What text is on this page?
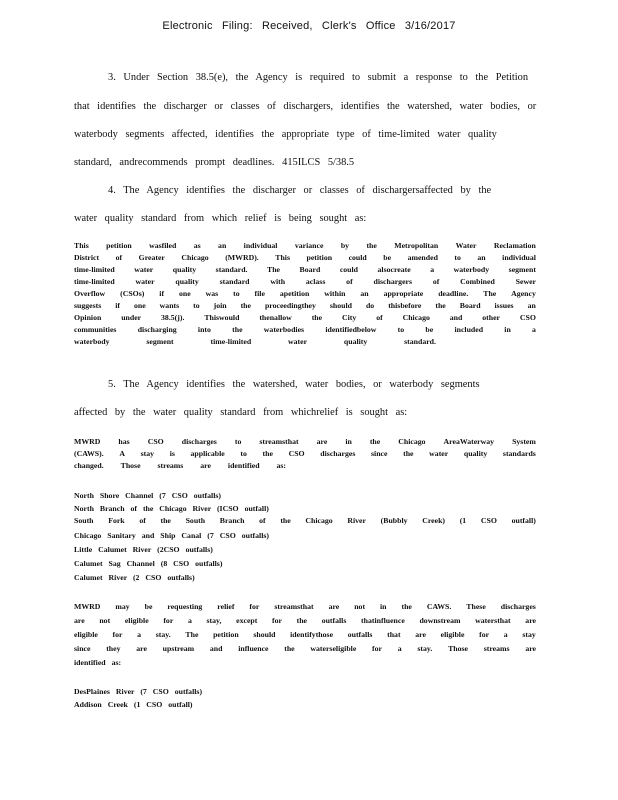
Electronic Filing: Received, Clerk's Office 3/16/2017
3. Under Section 38.5(e), the Agency is required to submit a response to the Petition
that identifies the discharger or classes of dischargers, identifies the watershed, water bodies, or
waterbody segments affected, identifies the appropriate type of time-limited water quality
standard, andrecommends prompt deadlines. 415ILCS 5/38.5
4. The Agency identifies the discharger or classes of dischargersaffected by the
water quality standard from which relief is being sought as:
This petition wasfiled as an individual variance by the Metropolitan Water Reclamation
District of Greater Chicago (MWRD). This petition could be amended to an individual
time-limited	water	quality	standard.	The	Board	could	alsocreate	a	waterbody	segment
time-limited	water	quality	standard	with	aclass	of	dischargers	of	Combined	Sewer
Overflow (CSOs) if one was to file apetition within an appropriate deadline. The Agency
suggests if one wants to join the proceedingthey should do thisbefore the Board issues an
Opinion	under	38.5(j).	Thiswould	thenallow	the	City	of	Chicago	and	other	CSO
communities	discharging	into	the	waterbodies	identifiedbelow	to	be	included	in	a
waterbody	segment	time-limited	water	quality	standard.
5. The Agency identifies the watershed, water bodies, or waterbody segments
affected by the water quality standard from whichrelief is sought as:
MWRD has CSO discharges to streamsthat are in the Chicago AreaWaterway System
(CAWS). A stay is applicable to the CSO discharges since the water quality standards
changed. Those streams are identified as:
North Shore Channel (7 CSO outfalls)
North Branch of the Chicago River (ICSO outfall)
South Fork of the South Branch of the Chicago River (Bubbly Creek) (1 CSO outfall)
Chicago Sanitary and Ship Canal (7 CSO outfalls)
Little Calumet River (2CSO outfalls)
Calumet Sag Channel (8 CSO outfalls)
Calumet River (2 CSO outfalls)
MWRD may be requesting relief for streamsthat are not in the CAWS. These discharges
are not eligible for a stay, except for the outfalls thatinfluence downstream watersthat are
eligible for a stay. The petition should identifythose outfalls that are eligible for a stay
since they are upstream and influence the waterseligible for a stay. Those streams are
identified as:
DesPlaines River (7 CSO outfalls)
Addison Creek (1 CSO outfall)
